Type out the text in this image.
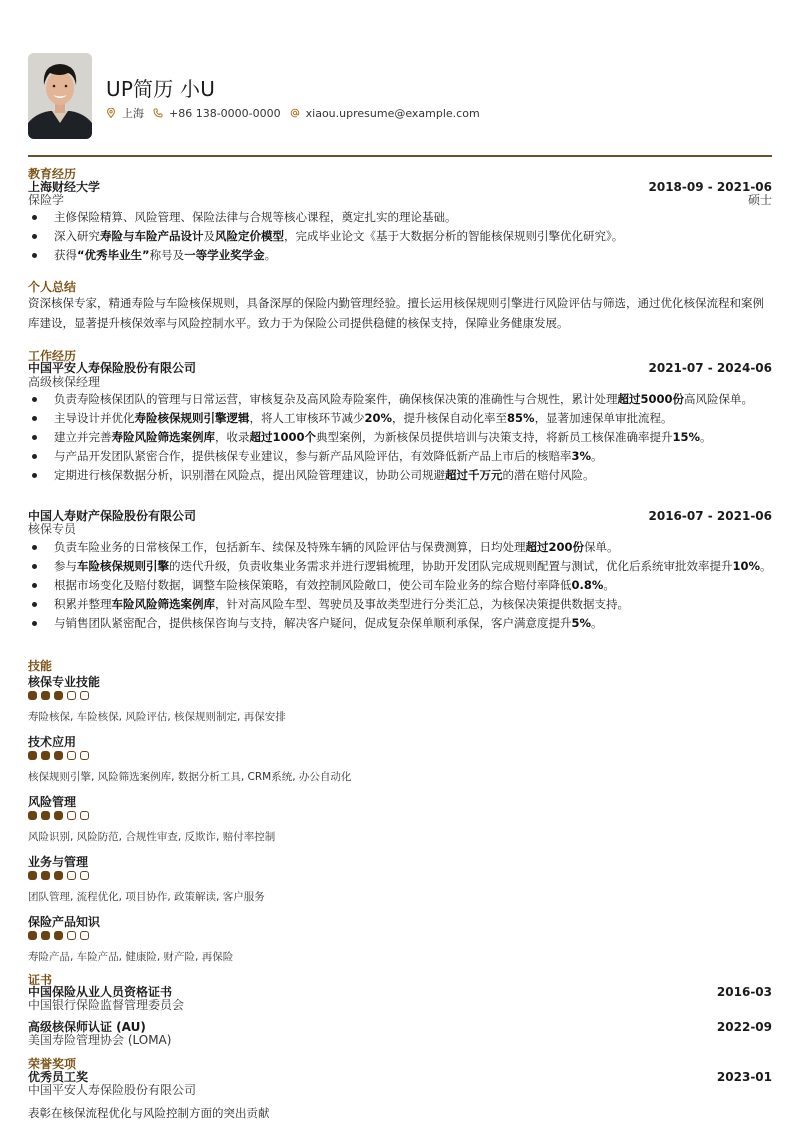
UP简历 小U
上海 +86 138-0000-0000 xiaou.upresume@example.com
教育经历
上海财经大学
保险学
2018-09 - 2021-06
硕士
主修保险精算、风险管理、保险法律与合规等核心课程，奠定扎实的理论基础。
深入研究寿险与车险产品设计及风险定价模型，完成毕业论文《基于大数据分析的智能核保规则引擎优化研究》。
获得“优秀毕业生”称号及一等学业奖学金。
个人总结
资深核保专家，精通寿险与车险核保规则，具备深厚的保险内勤管理经验。擅长运用核保规则引擎进行风险评估与筛选，通过优化核保流程和案例库建设，显著提升核保效率与风险控制水平。致力于为保险公司提供稳健的核保支持，保障业务健康发展。
工作经历
中国平安人寿保险股份有限公司
高级核保经理
2021-07 - 2024-06
负责寿险核保团队的管理与日常运营，审核复杂及高风险寿险案件，确保核保决策的准确性与合规性，累计处理超过5000份高风险保单。
主导设计并优化寿险核保规则引擎逻辑，将人工审核环节减少20%，提升核保自动化率至85%，显著加速保单审批流程。
建立并完善寿险风险筛选案例库，收录超过1000个典型案例，为新核保员提供培训与决策支持，将新员工核保准确率提升15%。
与产品开发团队紧密合作，提供核保专业建议，参与新产品风险评估，有效降低新产品上市后的核赔率3%。
定期进行核保数据分析，识别潜在风险点，提出风险管理建议，协助公司规避超过千万元的潜在赔付风险。
中国人寿财产保险股份有限公司
核保专员
2016-07 - 2021-06
负责车险业务的日常核保工作，包括新车、续保及特殊车辆的风险评估与保费测算，日均处理超过200份保单。
参与车险核保规则引擎的迭代升级，负责收集业务需求并进行逻辑梳理，协助开发团队完成规则配置与测试，优化后系统审批效率提升10%。
根据市场变化及赔付数据，调整车险核保策略，有效控制风险敞口，使公司车险业务的综合赔付率降低0.8%。
积累并整理车险风险筛选案例库，针对高风险车型、驾驶员及事故类型进行分类汇总，为核保决策提供数据支持。
与销售团队紧密配合，提供核保咨询与支持，解决客户疑问，促成复杂保单顺利承保，客户满意度提升5%。
技能
核保专业技能
寿险核保, 车险核保, 风险评估, 核保规则制定, 再保安排
技术应用
核保规则引擎, 风险筛选案例库, 数据分析工具, CRM系统, 办公自动化
风险管理
风险识别, 风险防范, 合规性审查, 反欺诈, 赔付率控制
业务与管理
团队管理, 流程优化, 项目协作, 政策解读, 客户服务
保险产品知识
寿险产品, 车险产品, 健康险, 财产险, 再保险
证书
中国保险从业人员资格证书
中国银行保险监督管理委员会
2016-03
高级核保师认证 (AU)
美国寿险管理协会 (LOMA)
2022-09
荣誉奖项
优秀员工奖
中国平安人寿保险股份有限公司
2023-01
表彰在核保流程优化与风险控制方面的突出贡献
